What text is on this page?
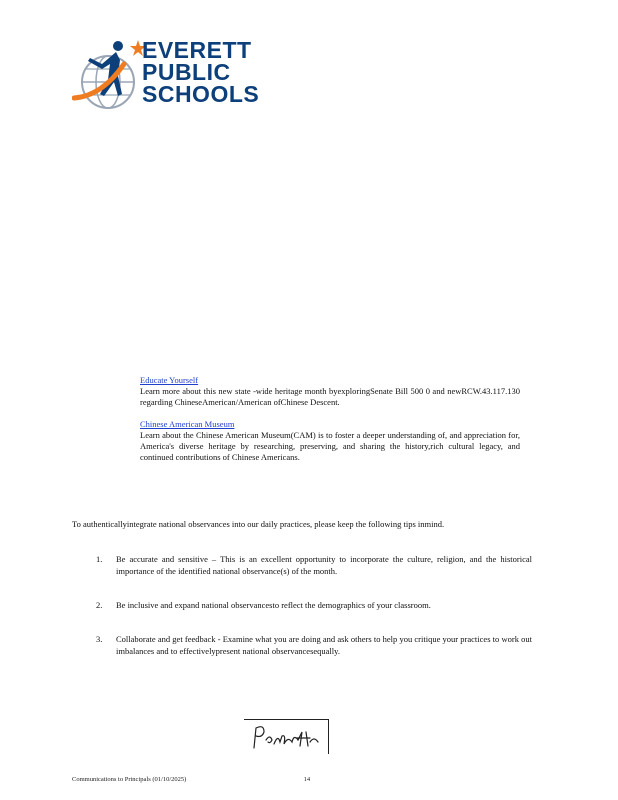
EVERETT
PUBLIC
SCHOOLS
Educate Yourself
Learn more about this new state -wide heritage month byexploringSenate Bill 500 0 and newRCW.43.117.130 regarding ChineseAmerican/American ofChinese Descent.
Chinese American Museum
Learn about the Chinese American Museum(CAM) is to foster a deeper understanding of, and appreciation for, America's diverse heritage by researching, preserving, and sharing the history,rich cultural legacy, and continued contributions of Chinese Americans.
To authenticallyintegrate national observances into our daily practices, please keep the following tips inmind.
1.	Be accurate and sensitive – This is an excellent opportunity to incorporate the culture, religion, and the historical importance of the identified national observance(s) of the month.
2.	Be inclusive and expand national observancesto reflect the demographics of your classroom.
3.	Collaborate and get feedback - Examine what you are doing and ask others to help you critique your practices to work out imbalances and to effectivelypresent national observancesequally.
Communications to Principals (01/10/2025)	14
